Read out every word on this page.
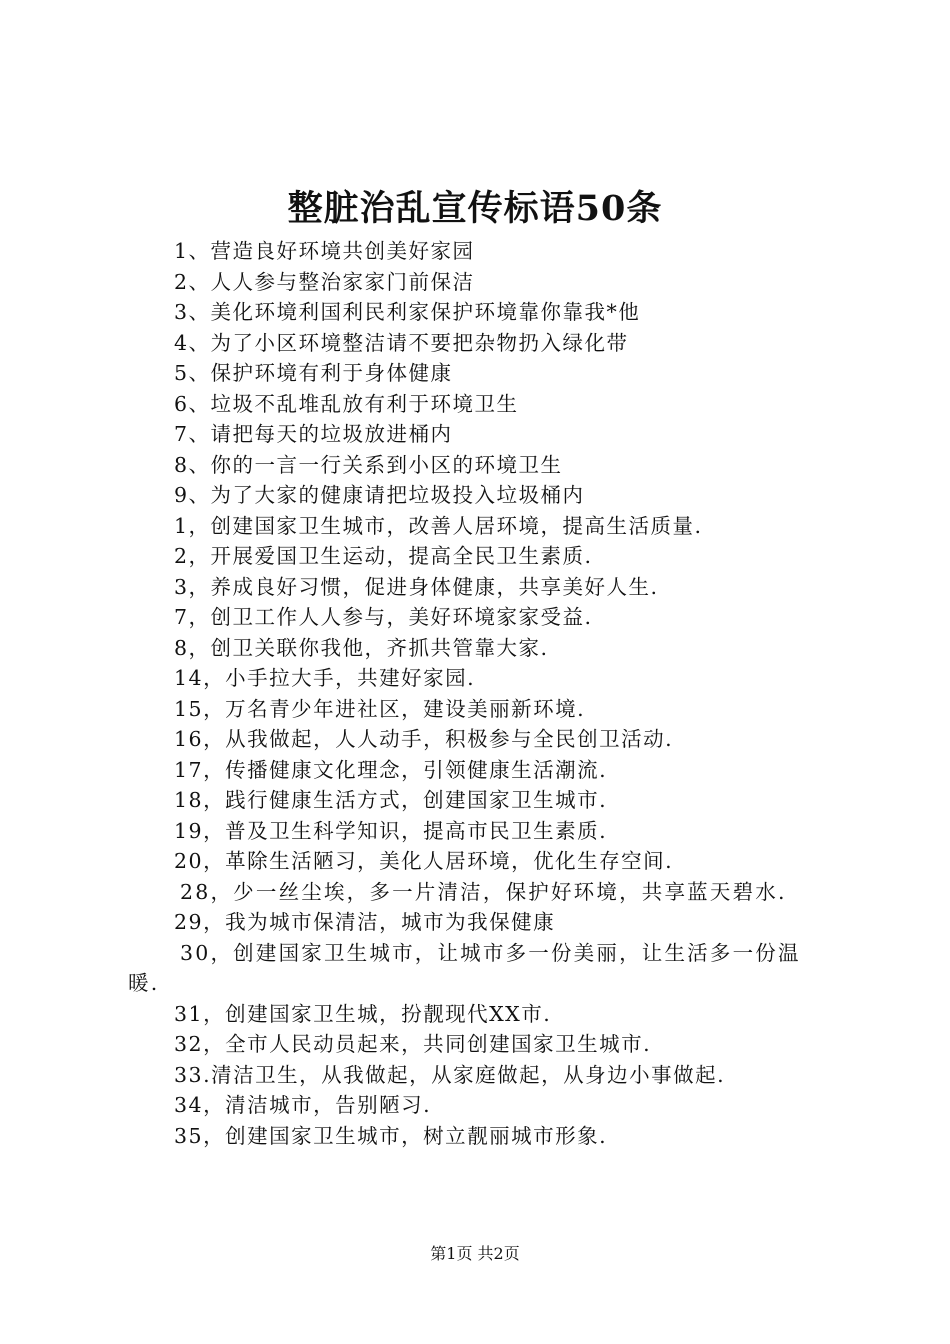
整脏治乱宣传标语50条
1、营造良好环境共创美好家园
2、人人参与整治家家门前保洁
3、美化环境利国利民利家保护环境靠你靠我*他
4、为了小区环境整洁请不要把杂物扔入绿化带
5、保护环境有利于身体健康
6、垃圾不乱堆乱放有利于环境卫生
7、请把每天的垃圾放进桶内
8、你的一言一行关系到小区的环境卫生
9、为了大家的健康请把垃圾投入垃圾桶内
1，创建国家卫生城市，改善人居环境，提高生活质量.
2，开展爱国卫生运动，提高全民卫生素质.
3，养成良好习惯，促进身体健康，共享美好人生.
7，创卫工作人人参与，美好环境家家受益.
8，创卫关联你我他，齐抓共管靠大家.
14，小手拉大手，共建好家园.
15，万名青少年进社区，建设美丽新环境.
16，从我做起，人人动手，积极参与全民创卫活动.
17，传播健康文化理念，引领健康生活潮流.
18，践行健康生活方式，创建国家卫生城市.
19，普及卫生科学知识，提高市民卫生素质.
20，革除生活陋习，美化人居环境，优化生存空间.
28，少一丝尘埃，多一片清洁，保护好环境，共享蓝天碧水.
29，我为城市保清洁，城市为我保健康
30，创建国家卫生城市，让城市多一份美丽，让生活多一份温暖.
31，创建国家卫生城，扮靓现代XX市.
32，全市人民动员起来，共同创建国家卫生城市.
33.清洁卫生，从我做起，从家庭做起，从身边小事做起.
34，清洁城市，告别陋习.
35，创建国家卫生城市，树立靓丽城市形象.
第1页 共2页
